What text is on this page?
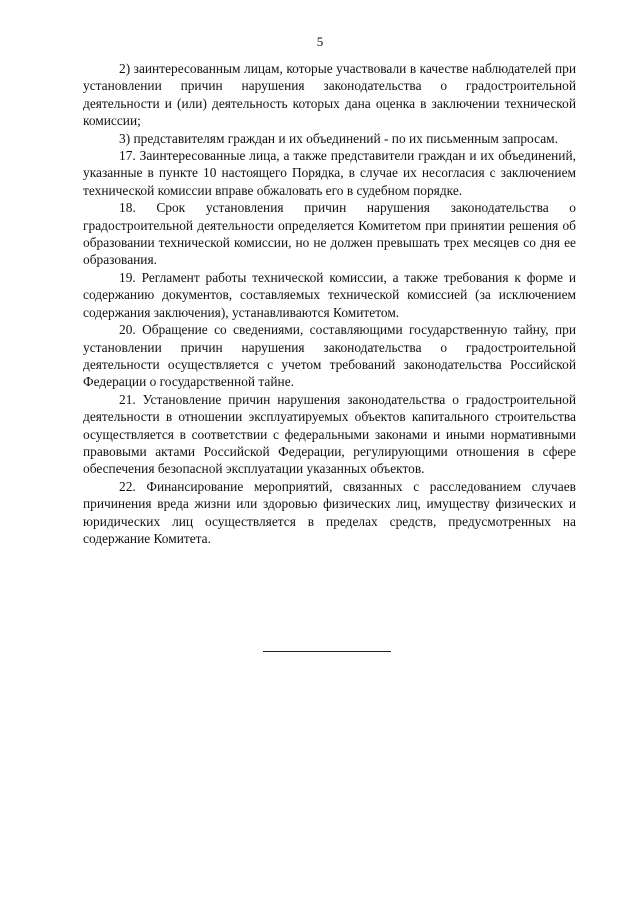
5

2) заинтересованным лицам, которые участвовали в качестве наблюдателей при установлении причин нарушения законодательства о градостроительной деятельности и (или) деятельность которых дана оценка в заключении технической комиссии;

3) представителям граждан и их объединений - по их письменным запросам.

17. Заинтересованные лица, а также представители граждан и их объединений, указанные в пункте 10 настоящего Порядка, в случае их несогласия с заключением технической комиссии вправе обжаловать его в судебном порядке.

18. Срок установления причин нарушения законодательства о градостроительной деятельности определяется Комитетом при принятии решения об образовании технической комиссии, но не должен превышать трех месяцев со дня ее образования.

19. Регламент работы технической комиссии, а также требования к форме и содержанию документов, составляемых технической комиссией (за исключением содержания заключения), устанавливаются Комитетом.

20. Обращение со сведениями, составляющими государственную тайну, при установлении причин нарушения законодательства о градостроительной деятельности осуществляется с учетом требований законодательства Российской Федерации о государственной тайне.

21. Установление причин нарушения законодательства о градостроительной деятельности в отношении эксплуатируемых объектов капитального строительства осуществляется в соответствии с федеральными законами и иными нормативными правовыми актами Российской Федерации, регулирующими отношения в сфере обеспечения безопасной эксплуатации указанных объектов.

22. Финансирование мероприятий, связанных с расследованием случаев причинения вреда жизни или здоровью физических лиц, имуществу физических и юридических лиц осуществляется в пределах средств, предусмотренных на содержание Комитета.
